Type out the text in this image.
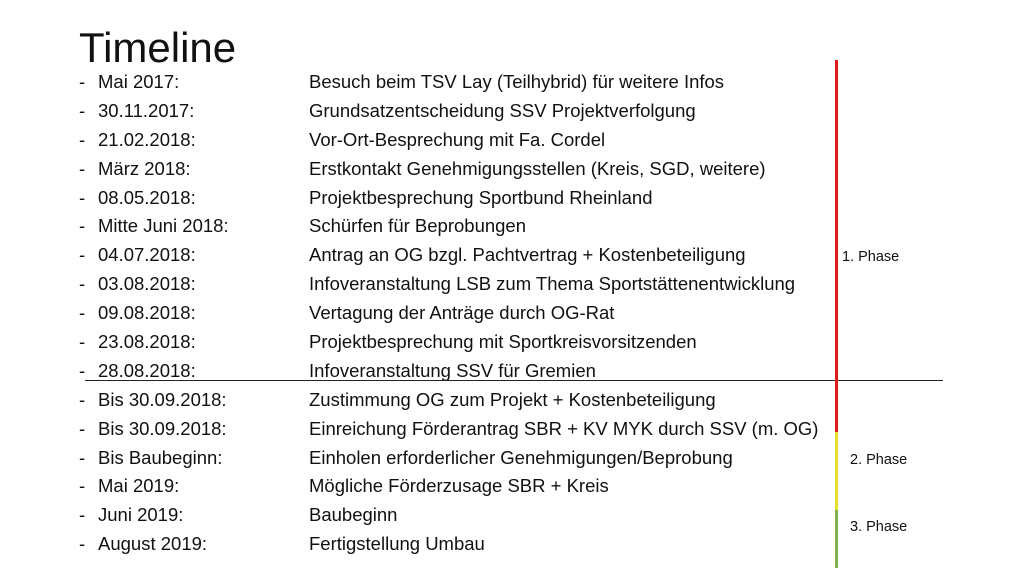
Timeline
- Mai 2017:	Besuch beim TSV Lay (Teilhybrid) für weitere Infos
- 30.11.2017:	Grundsatzentscheidung SSV Projektverfolgung
- 21.02.2018:	Vor-Ort-Besprechung mit Fa. Cordel
- März 2018:	Erstkontakt Genehmigungsstellen (Kreis, SGD, weitere)
- 08.05.2018:	Projektbesprechung Sportbund Rheinland
- Mitte Juni 2018:	Schürfen für Beprobungen
- 04.07.2018:	Antrag an OG bzgl. Pachtvertrag + Kostenbeteiligung
- 03.08.2018:	Infoveranstaltung LSB zum Thema Sportstättenentwicklung
- 09.08.2018:	Vertagung der Anträge durch OG-Rat
- 23.08.2018:	Projektbesprechung mit Sportkreisvorsitzenden
- 28.08.2018:	Infoveranstaltung SSV für Gremien
- Bis 30.09.2018:	Zustimmung OG zum Projekt + Kostenbeteiligung
- Bis 30.09.2018:	Einreichung Förderantrag SBR + KV MYK durch SSV (m. OG)
- Bis Baubeginn:	Einholen erforderlicher Genehmigungen/Beprobung
- Mai 2019:	Mögliche Förderzusage SBR + Kreis
- Juni 2019:	Baubeginn
- August 2019:	Fertigstellung Umbau
1. Phase
2. Phase
3. Phase
